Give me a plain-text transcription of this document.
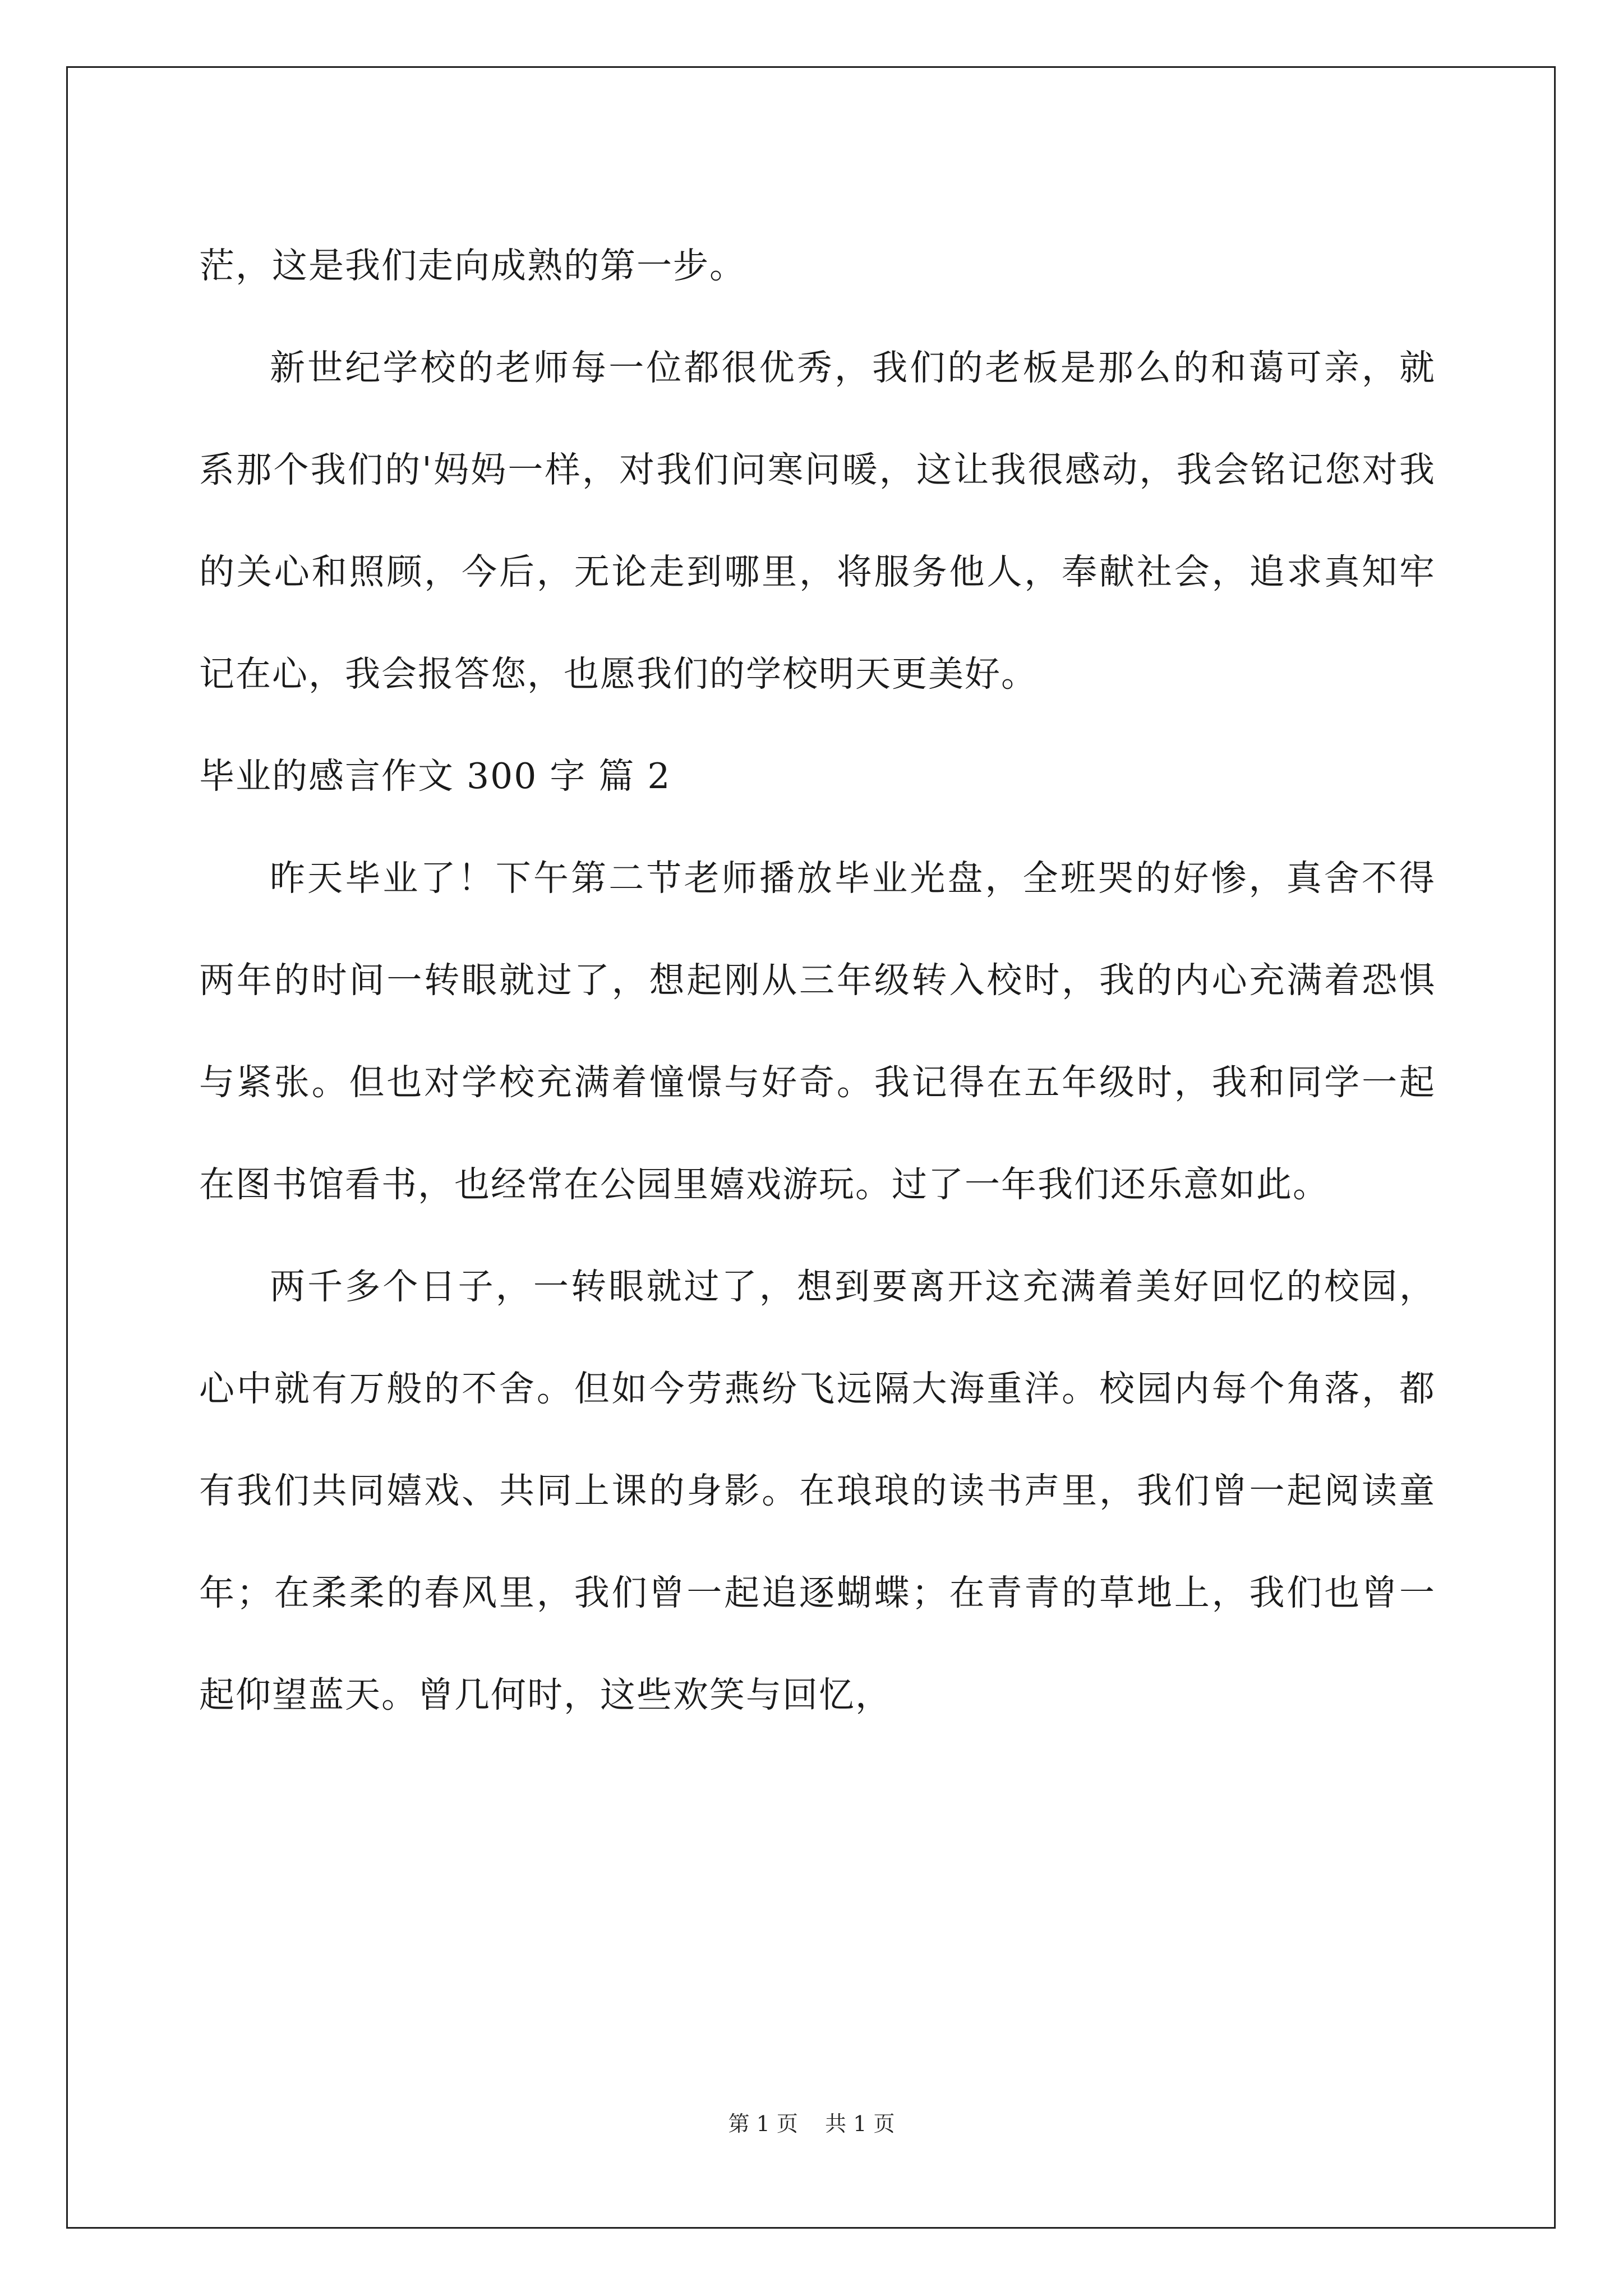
茫，这是我们走向成熟的第一步。

新世纪学校的老师每一位都很优秀，我们的老板是那么的和蔼可亲，就系那个我们的'妈妈一样，对我们问寒问暖，这让我很感动，我会铭记您对我的关心和照顾，今后，无论走到哪里，将服务他人，奉献社会，追求真知牢记在心，我会报答您，也愿我们的学校明天更美好。

毕业的感言作文 300 字 篇 2

昨天毕业了！下午第二节老师播放毕业光盘，全班哭的好惨，真舍不得两年的时间一转眼就过了，想起刚从三年级转入校时，我的内心充满着恐惧与紧张。但也对学校充满着憧憬与好奇。我记得在五年级时，我和同学一起在图书馆看书，也经常在公园里嬉戏游玩。过了一年我们还乐意如此。

两千多个日子，一转眼就过了，想到要离开这充满着美好回忆的校园，心中就有万般的不舍。但如今劳燕纷飞远隔大海重洋。校园内每个角落，都有我们共同嬉戏、共同上课的身影。在琅琅的读书声里，我们曾一起阅读童年；在柔柔的春风里，我们曾一起追逐蝴蝶；在青青的草地上，我们也曾一起仰望蓝天。曾几何时，这些欢笑与回忆，

第 1 页    共 1 页
